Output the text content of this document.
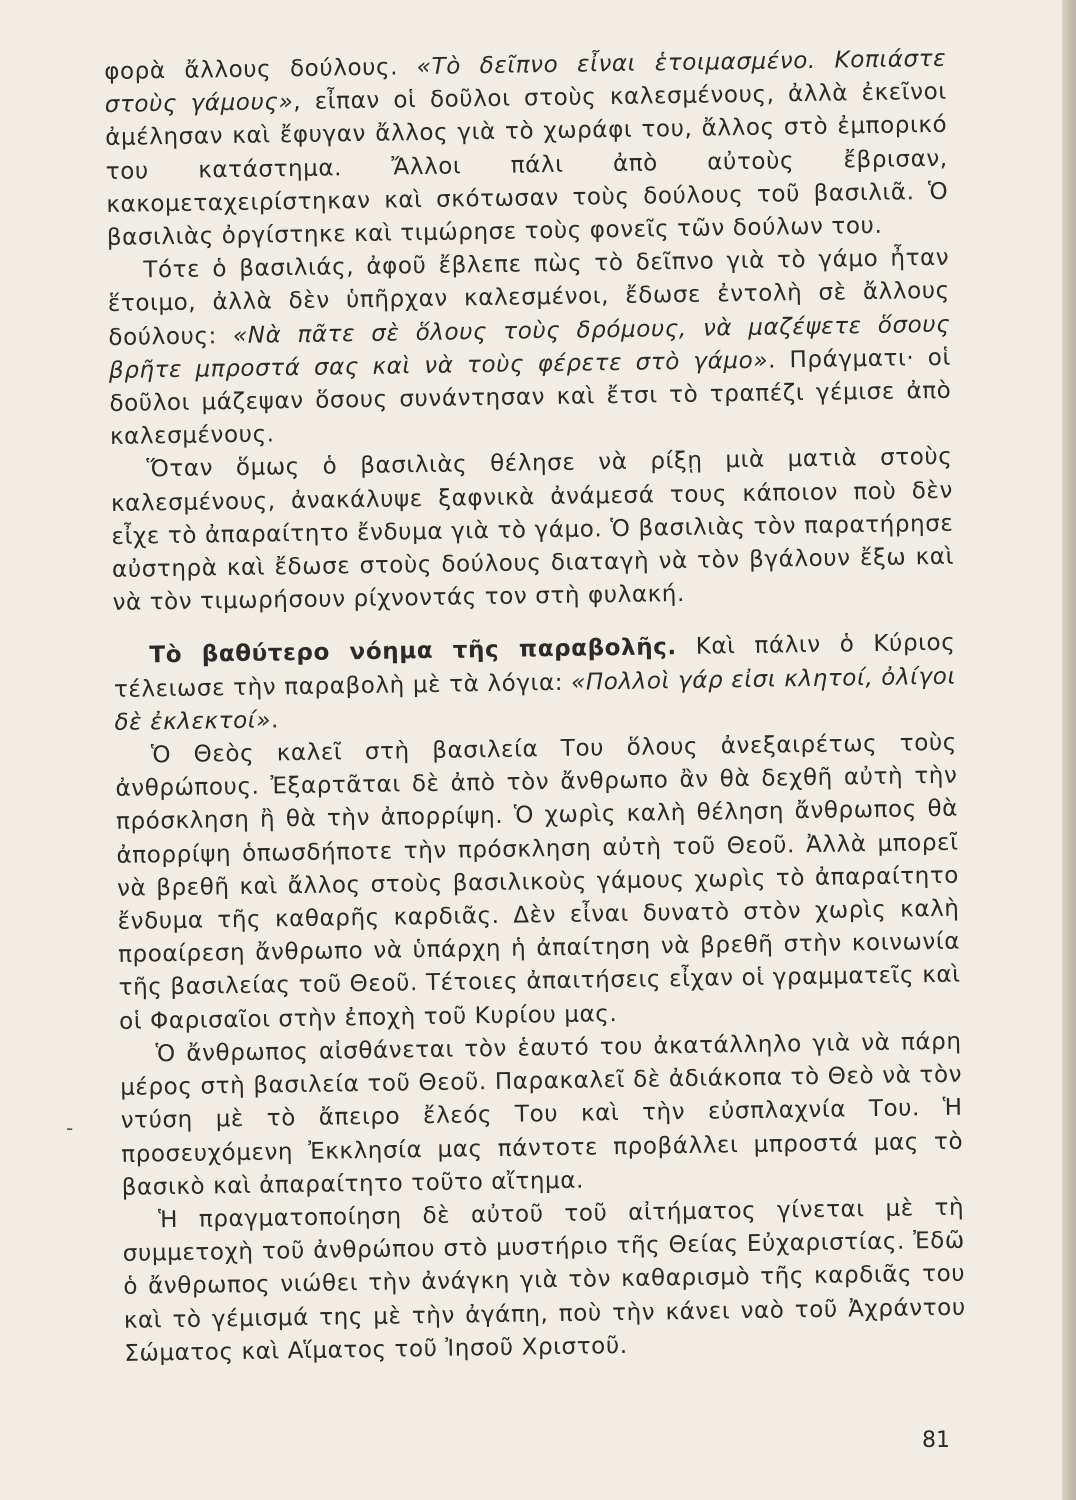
φορὰ ἄλλους δούλους. «Τὸ δεῖπνο εἶναι ἑτοιμασμένο. Κοπιάστε στοὺς γάμους», εἶπαν οἱ δοῦλοι στοὺς καλεσμένους, ἀλλὰ ἐκεῖνοι ἀμέλησαν καὶ ἔφυγαν ἄλλος γιὰ τὸ χωράφι του, ἄλλος στὸ ἐμπορικό του κατάστημα. Ἄλλοι πάλι ἀπὸ αὐτοὺς ἔβρισαν, κακομεταχειρίστηκαν καὶ σκότωσαν τοὺς δούλους τοῦ βασιλιᾶ. Ὁ βασιλιὰς ὀργίστηκε καὶ τιμώρησε τοὺς φονεῖς τῶν δούλων του.

Τότε ὁ βασιλιάς, ἀφοῦ ἔβλεπε πὼς τὸ δεῖπνο γιὰ τὸ γάμο ἦταν ἕτοιμο, ἀλλὰ δὲν ὑπῆρχαν καλεσμένοι, ἔδωσε ἐντολὴ σὲ ἄλλους δούλους: «Νὰ πᾶτε σὲ ὅλους τοὺς δρόμους, νὰ μαζέψετε ὅσους βρῆτε μπροστά σας καὶ νὰ τοὺς φέρετε στὸ γάμο». Πράγματι· οἱ δοῦλοι μάζεψαν ὅσους συνάντησαν καὶ ἔτσι τὸ τραπέζι γέμισε ἀπὸ καλεσμένους.

Ὅταν ὅμως ὁ βασιλιὰς θέλησε νὰ ρίξῃ μιὰ ματιὰ στοὺς καλεσμένους, ἀνακάλυψε ξαφνικὰ ἀνάμεσά τους κάποιον ποὺ δὲν εἶχε τὸ ἀπαραίτητο ἔνδυμα γιὰ τὸ γάμο. Ὁ βασιλιὰς τὸν παρατήρησε αὐστηρὰ καὶ ἔδωσε στοὺς δούλους διαταγὴ νὰ τὸν βγάλουν ἔξω καὶ νὰ τὸν τιμωρήσουν ρίχνοντάς τον στὴ φυλακή.

Τὸ βαθύτερο νόημα τῆς παραβολῆς. Καὶ πάλιν ὁ Κύριος τέλειωσε τὴν παραβολὴ μὲ τὰ λόγια: «Πολλοὶ γάρ εἰσι κλητοί, ὀλίγοι δὲ ἐκλεκτοί».

Ὁ Θεὸς καλεῖ στὴ βασιλεία Του ὅλους ἀνεξαιρέτως τοὺς ἀνθρώπους. Ἐξαρτᾶται δὲ ἀπὸ τὸν ἄνθρωπο ἂν θὰ δεχθῆ αὐτὴ τὴν πρόσκληση ἢ θὰ τὴν ἀπορρίψη. Ὁ χωρὶς καλὴ θέληση ἄνθρωπος θὰ ἀπορρίψη ὁπωσδήποτε τὴν πρόσκληση αὐτὴ τοῦ Θεοῦ. Ἀλλὰ μπορεῖ νὰ βρεθῆ καὶ ἄλλος στοὺς βασιλικοὺς γάμους χωρὶς τὸ ἀπαραίτητο ἔνδυμα τῆς καθαρῆς καρδιᾶς. Δὲν εἶναι δυνατὸ στὸν χωρὶς καλὴ προαίρεση ἄνθρωπο νὰ ὑπάρχη ἡ ἀπαίτηση νὰ βρεθῆ στὴν κοινωνία τῆς βασιλείας τοῦ Θεοῦ. Τέτοιες ἀπαιτήσεις εἶχαν οἱ γραμματεῖς καὶ οἱ Φαρισαῖοι στὴν ἐποχὴ τοῦ Κυρίου μας.

Ὁ ἄνθρωπος αἰσθάνεται τὸν ἑαυτό του ἀκατάλληλο γιὰ νὰ πάρη μέρος στὴ βασιλεία τοῦ Θεοῦ. Παρακαλεῖ δὲ ἀδιάκοπα τὸ Θεὸ νὰ τὸν ντύση μὲ τὸ ἄπειρο ἔλεός Του καὶ τὴν εὐσπλαχνία Του. Ἡ προσευχόμενη Ἐκκλησία μας πάντοτε προβάλλει μπροστά μας τὸ βασικὸ καὶ ἀπαραίτητο τοῦτο αἴτημα.

Ἡ πραγματοποίηση δὲ αὐτοῦ τοῦ αἰτήματος γίνεται μὲ τὴ συμμετοχὴ τοῦ ἀνθρώπου στὸ μυστήριο τῆς Θείας Εὐχαριστίας. Ἐδῶ ὁ ἄνθρωπος νιώθει τὴν ἀνάγκη γιὰ τὸν καθαρισμὸ τῆς καρδιᾶς του καὶ τὸ γέμισμά της μὲ τὴν ἀγάπη, ποὺ τὴν κάνει ναὸ τοῦ Ἀχράντου Σώματος καὶ Αἵματος τοῦ Ἰησοῦ Χριστοῦ.

-
81
